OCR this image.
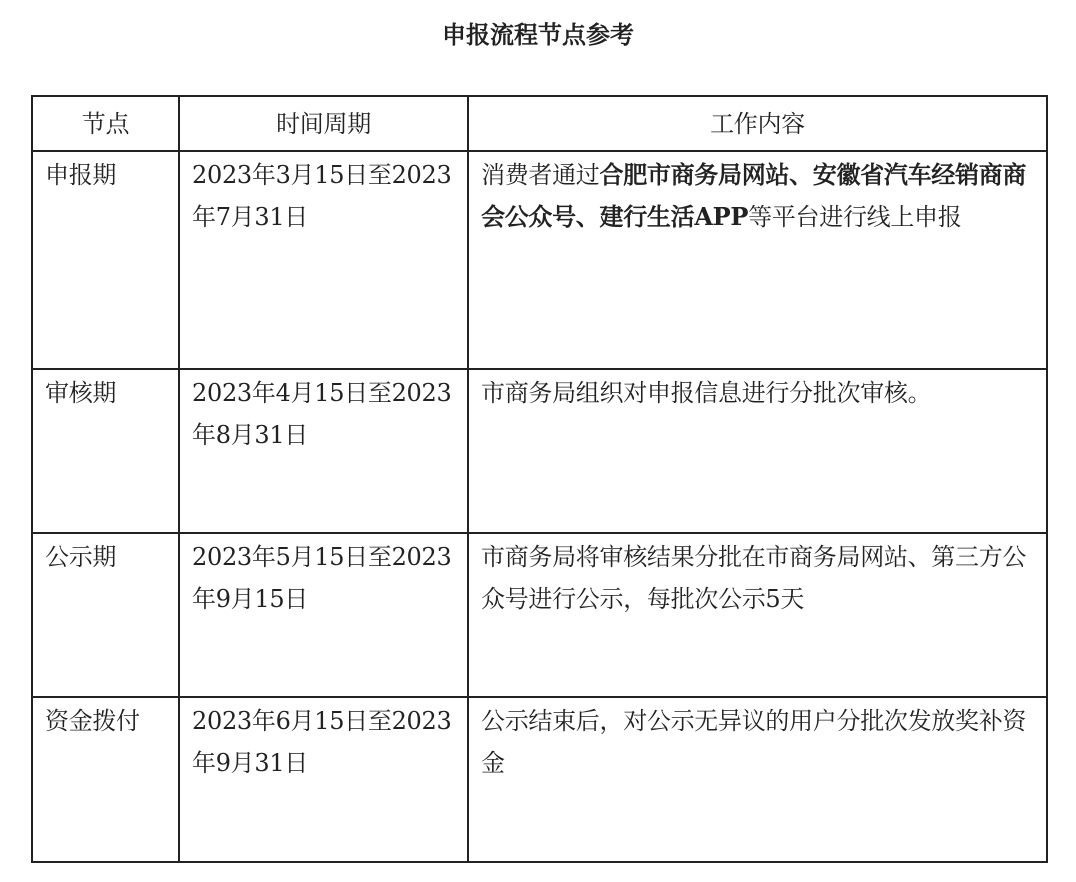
申报流程节点参考
节点	时间周期	工作内容
申报期	2023年3月15日至2023年7月31日	消费者通过合肥市商务局网站、安徽省汽车经销商商会公众号、建行生活APP等平台进行线上申报
审核期	2023年4月15日至2023年8月31日	市商务局组织对申报信息进行分批次审核。
公示期	2023年5月15日至2023年9月15日	市商务局将审核结果分批在市商务局网站、第三方公众号进行公示，每批次公示5天
资金拨付	2023年6月15日至2023年9月31日	公示结束后，对公示无异议的用户分批次发放奖补资金
